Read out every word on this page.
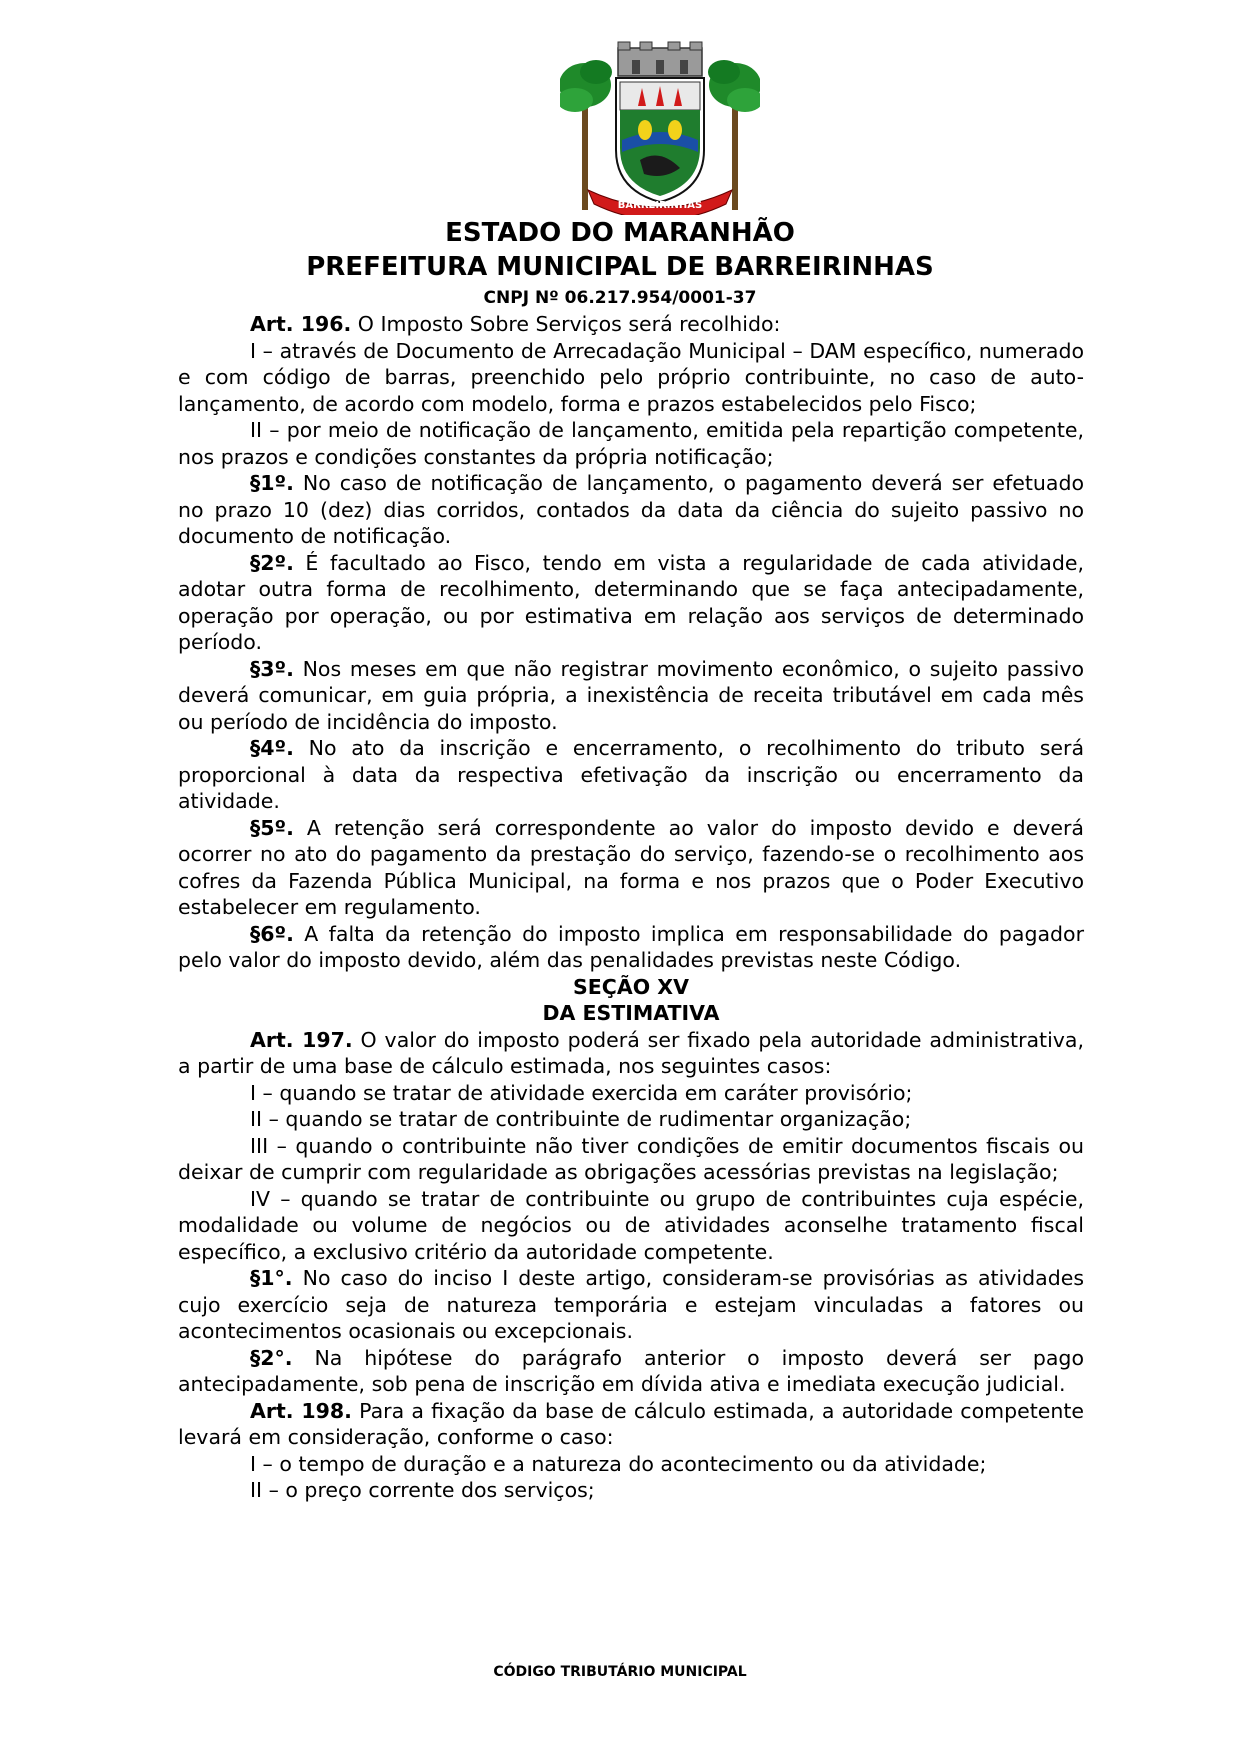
BARREIRINHAS
ESTADO DO MARANHÃO
PREFEITURA MUNICIPAL DE BARREIRINHAS
CNPJ Nº 06.217.954/0001-37

Art. 196. O Imposto Sobre Serviços será recolhido:

I – através de Documento de Arrecadação Municipal – DAM específico, numerado e com código de barras, preenchido pelo próprio contribuinte, no caso de auto- lançamento, de acordo com modelo, forma e prazos estabelecidos pelo Fisco;

II – por meio de notificação de lançamento, emitida pela repartição competente, nos prazos e condições constantes da própria notificação;

§1º. No caso de notificação de lançamento, o pagamento deverá ser efetuado no prazo 10 (dez) dias corridos, contados da data da ciência do sujeito passivo no documento de notificação.

§2º. É facultado ao Fisco, tendo em vista a regularidade de cada atividade, adotar outra forma de recolhimento, determinando que se faça antecipadamente, operação por operação, ou por estimativa em relação aos serviços de determinado período.

§3º. Nos meses em que não registrar movimento econômico, o sujeito passivo deverá comunicar, em guia própria, a inexistência de receita tributável em cada mês ou período de incidência do imposto.

§4º. No ato da inscrição e encerramento, o recolhimento do tributo será proporcional à data da respectiva efetivação da inscrição ou encerramento da atividade.

§5º. A retenção será correspondente ao valor do imposto devido e deverá ocorrer no ato do pagamento da prestação do serviço, fazendo-se o recolhimento aos cofres da Fazenda Pública Municipal, na forma e nos prazos que o Poder Executivo estabelecer em regulamento.

§6º. A falta da retenção do imposto implica em responsabilidade do pagador pelo valor do imposto devido, além das penalidades previstas neste Código.

SEÇÃO XV

DA ESTIMATIVA

Art. 197. O valor do imposto poderá ser fixado pela autoridade administrativa, a partir de uma base de cálculo estimada, nos seguintes casos:

I – quando se tratar de atividade exercida em caráter provisório;

II – quando se tratar de contribuinte de rudimentar organização;

III – quando o contribuinte não tiver condições de emitir documentos fiscais ou deixar de cumprir com regularidade as obrigações acessórias previstas na legislação;

IV – quando se tratar de contribuinte ou grupo de contribuintes cuja espécie, modalidade ou volume de negócios ou de atividades aconselhe tratamento fiscal específico, a exclusivo critério da autoridade competente.

§1°. No caso do inciso I deste artigo, consideram-se provisórias as atividades cujo exercício seja de natureza temporária e estejam vinculadas a fatores ou acontecimentos ocasionais ou excepcionais.

§2°. Na hipótese do parágrafo anterior o imposto deverá ser pago antecipadamente, sob pena de inscrição em dívida ativa e imediata execução judicial.

Art. 198. Para a fixação da base de cálculo estimada, a autoridade competente levará em consideração, conforme o caso:

I – o tempo de duração e a natureza do acontecimento ou da atividade;

II – o preço corrente dos serviços;

CÓDIGO TRIBUTÁRIO MUNICIPAL
